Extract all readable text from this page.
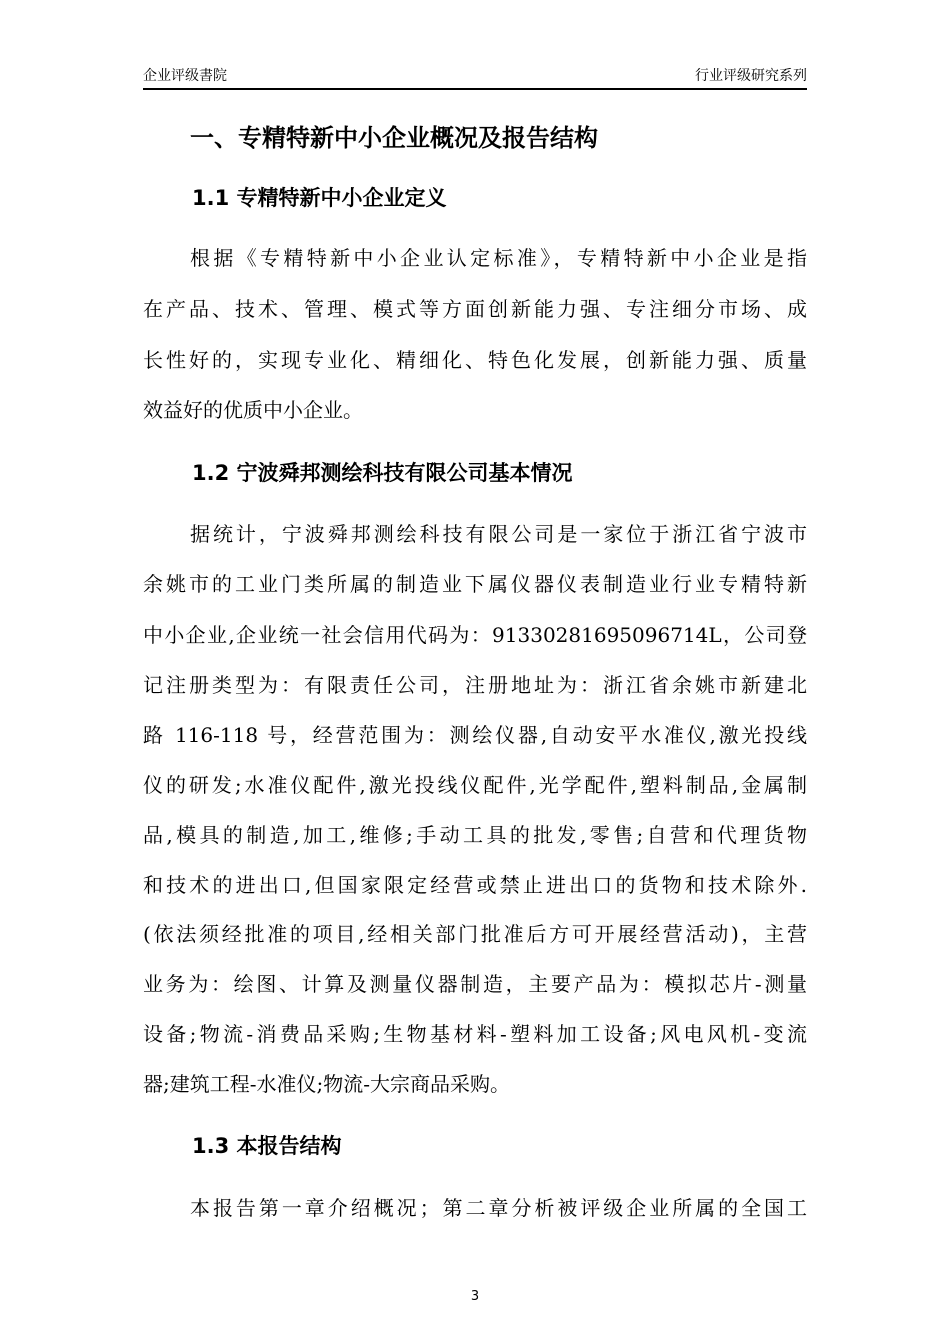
企业评级書院	行业评级研究系列
一、专精特新中小企业概况及报告结构
1.1 专精特新中小企业定义
根据《专精特新中小企业认定标准》，专精特新中小企业是指
在产品、技术、管理、模式等方面创新能力强、专注细分市场、成
长性好的，实现专业化、精细化、特色化发展，创新能力强、质量
效益好的优质中小企业。
1.2 宁波舜邦测绘科技有限公司基本情况
据统计，宁波舜邦测绘科技有限公司是一家位于浙江省宁波市
余姚市的工业门类所属的制造业下属仪器仪表制造业行业专精特新
中小企业,企业统一社会信用代码为：91330281695096714L，公司登
记注册类型为：有限责任公司，注册地址为：浙江省余姚市新建北
路 116-118 号，经营范围为：测绘仪器,自动安平水准仪,激光投线
仪的研发;水准仪配件,激光投线仪配件,光学配件,塑料制品,金属制
品,模具的制造,加工,维修;手动工具的批发,零售;自营和代理货物
和技术的进出口,但国家限定经营或禁止进出口的货物和技术除外.
(依法须经批准的项目,经相关部门批准后方可开展经营活动)，主营
业务为：绘图、计算及测量仪器制造，主要产品为：模拟芯片-测量
设备;物流-消费品采购;生物基材料-塑料加工设备;风电风机-变流
器;建筑工程-水准仪;物流-大宗商品采购。
1.3 本报告结构
本报告第一章介绍概况；第二章分析被评级企业所属的全国工
3
